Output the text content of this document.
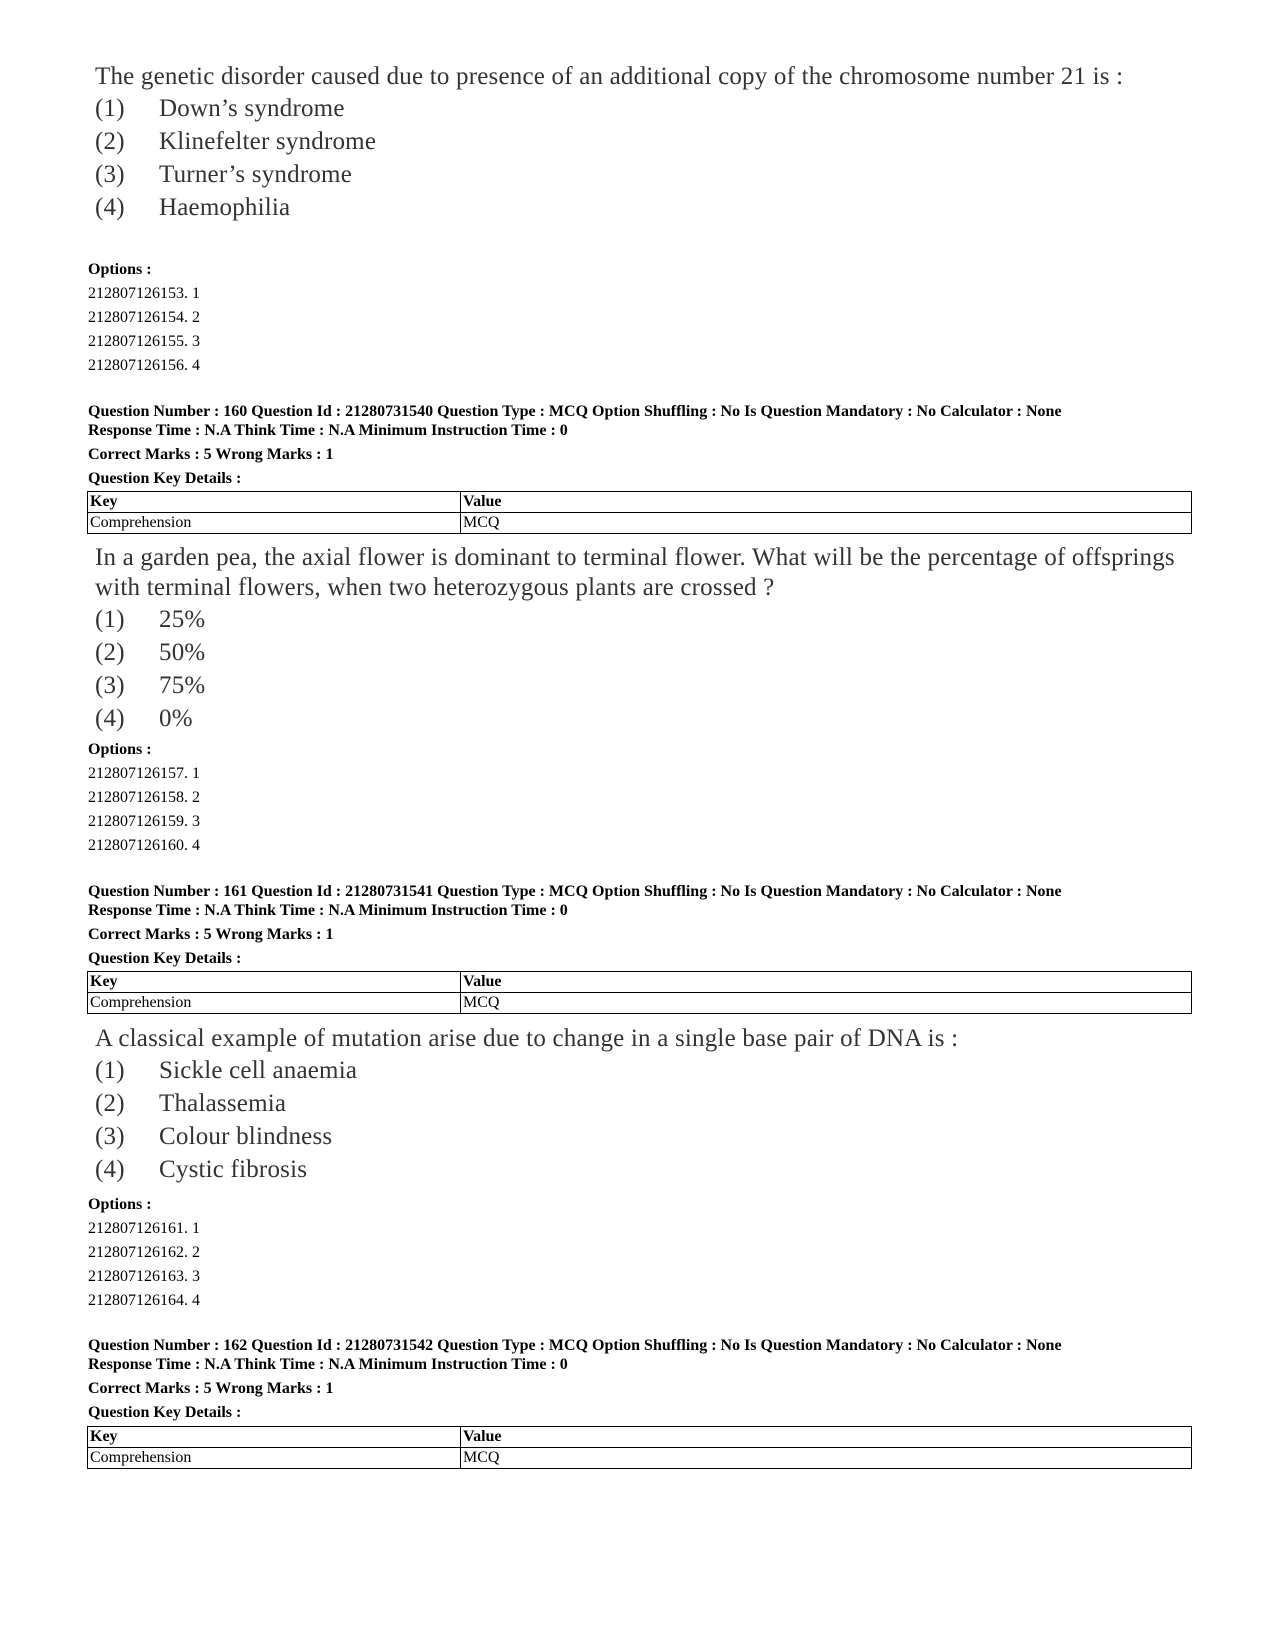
The genetic disorder caused due to presence of an additional copy of the chromosome number 21 is :

(1)	Down’s syndrome
(2)	Klinefelter syndrome
(3)	Turner’s syndrome
(4)	Haemophilia
Options :
212807126153. 1
212807126154. 2
212807126155. 3
212807126156. 4
Question Number : 160 Question Id : 21280731540 Question Type : MCQ Option Shuffling : No Is Question Mandatory : No Calculator : None
Response Time : N.A Think Time : N.A Minimum Instruction Time : 0
Correct Marks : 5 Wrong Marks : 1
Question Key Details :
Key	Value
Comprehension	MCQ

In a garden pea, the axial flower is dominant to terminal flower. What will be the percentage of offsprings with terminal flowers, when two heterozygous plants are crossed ?

(1)	25%
(2)	50%
(3)	75%
(4)	0%
Options :
212807126157. 1
212807126158. 2
212807126159. 3
212807126160. 4
Question Number : 161 Question Id : 21280731541 Question Type : MCQ Option Shuffling : No Is Question Mandatory : No Calculator : None
Response Time : N.A Think Time : N.A Minimum Instruction Time : 0
Correct Marks : 5 Wrong Marks : 1
Question Key Details :
Key	Value
Comprehension	MCQ

A classical example of mutation arise due to change in a single base pair of DNA is :

(1)	Sickle cell anaemia
(2)	Thalassemia
(3)	Colour blindness
(4)	Cystic fibrosis
Options :
212807126161. 1
212807126162. 2
212807126163. 3
212807126164. 4
Question Number : 162 Question Id : 21280731542 Question Type : MCQ Option Shuffling : No Is Question Mandatory : No Calculator : None
Response Time : N.A Think Time : N.A Minimum Instruction Time : 0
Correct Marks : 5 Wrong Marks : 1
Question Key Details :
Key	Value
Comprehension	MCQ
